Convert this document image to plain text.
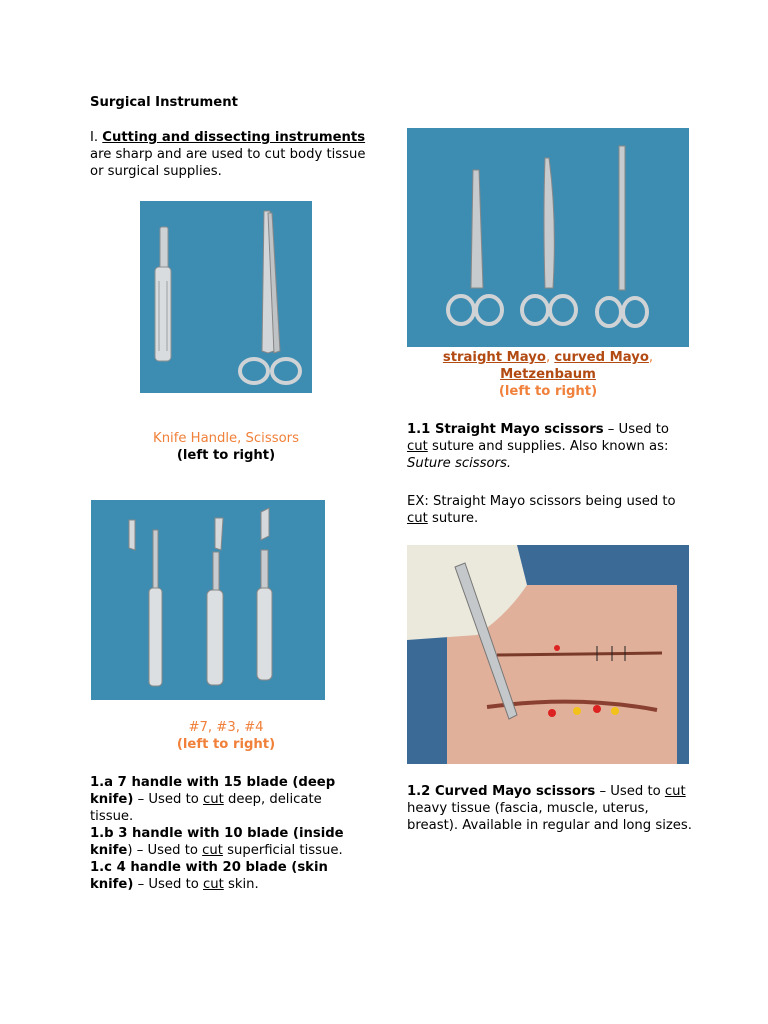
Surgical Instrument
I. Cutting and dissecting instruments
are sharp and are used to cut body tissue or surgical supplies.
Knife Handle, Scissors
(left to right)
#7, #3, #4
(left to right)
1.a 7 handle with 15 blade (deep knife) – Used to cut deep, delicate tissue.
1.b 3 handle with 10 blade (inside knife) – Used to cut superficial tissue.
1.c 4 handle with 20 blade (skin knife) – Used to cut skin.
straight Mayo, curved Mayo,
Metzenbaum
(left to right)
1.1 Straight Mayo scissors – Used to cut suture and supplies. Also known as: Suture scissors.
EX: Straight Mayo scissors being used to cut suture.
1.2 Curved Mayo scissors – Used to cut heavy tissue (fascia, muscle, uterus, breast). Available in regular and long sizes.
